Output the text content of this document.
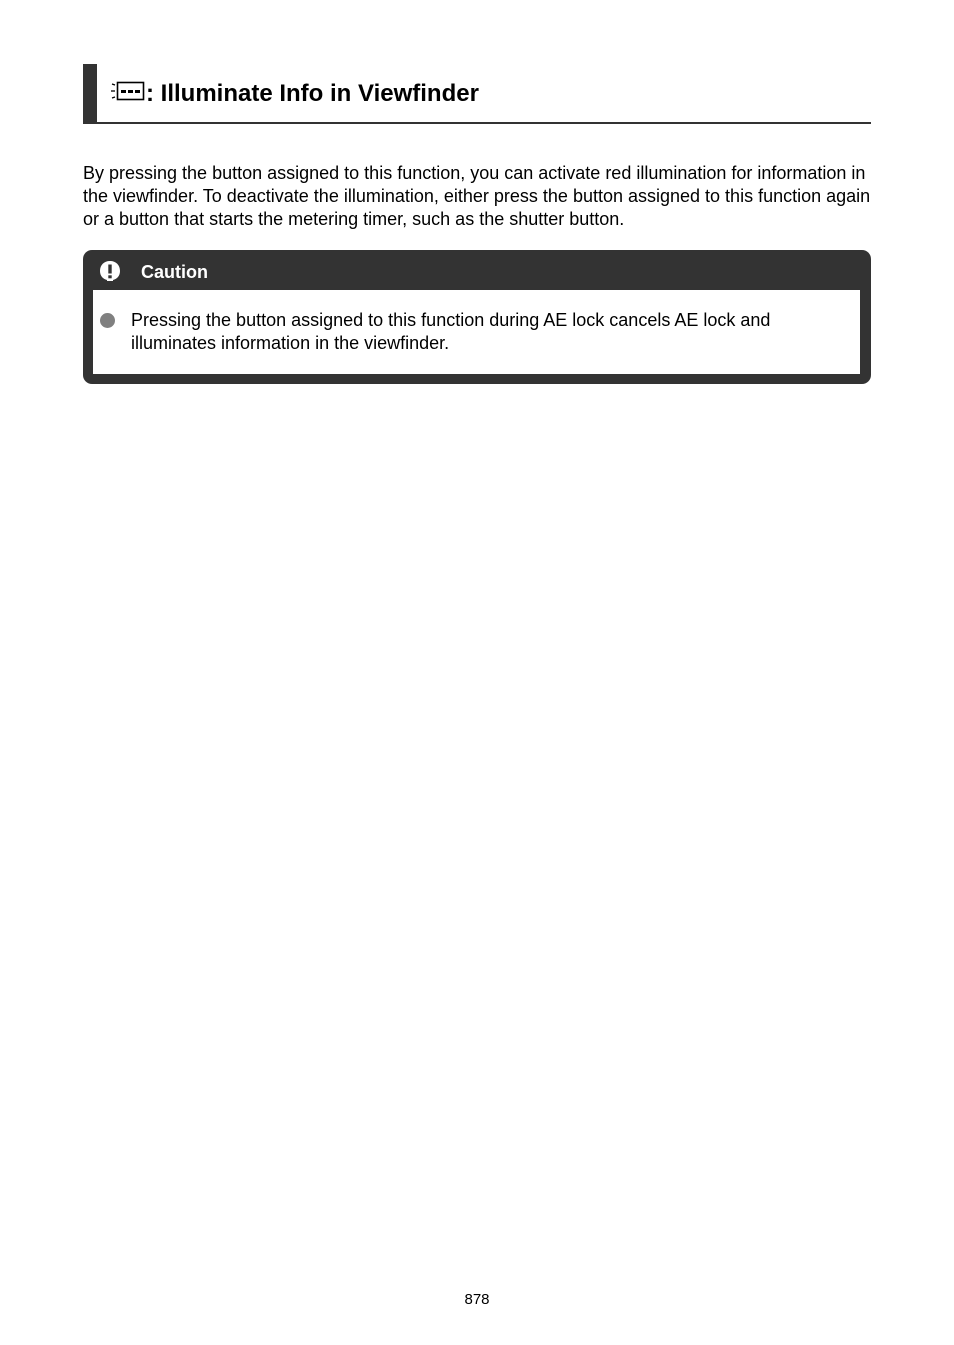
: Illuminate Info in Viewfinder

By pressing the button assigned to this function, you can activate red illumination for information in the viewfinder. To deactivate the illumination, either press the button assigned to this function again or a button that starts the metering timer, such as the shutter button.

Caution

Pressing the button assigned to this function during AE lock cancels AE lock and illuminates information in the viewfinder.

878
